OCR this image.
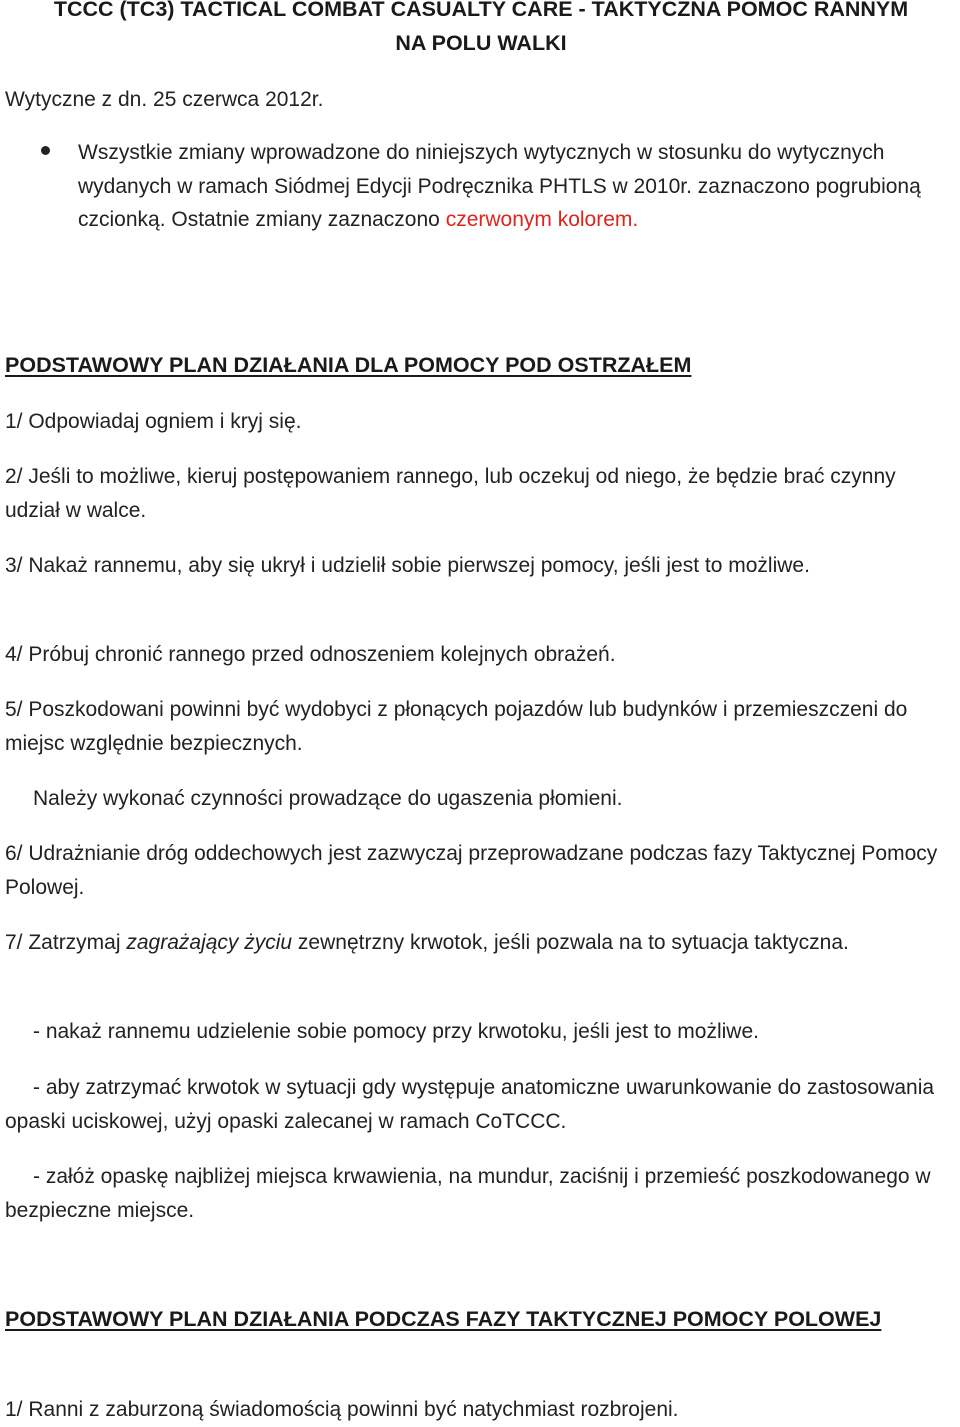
TCCC (TC3) TACTICAL COMBAT CASUALTY CARE - TAKTYCZNA POMOC RANNYM
NA POLU WALKI
Wytyczne z dn. 25 czerwca 2012r.
Wszystkie zmiany wprowadzone do niniejszych wytycznych w stosunku do wytycznych wydanych w ramach Siódmej Edycji Podręcznika PHTLS w 2010r. zaznaczono pogrubioną czcionką. Ostatnie zmiany zaznaczono czerwonym kolorem.
PODSTAWOWY PLAN DZIAŁANIA DLA POMOCY POD OSTRZAŁEM
1/ Odpowiadaj ogniem i kryj się.
2/ Jeśli to możliwe, kieruj postępowaniem rannego, lub oczekuj od niego, że będzie brać czynny udział w walce.
3/ Nakaż rannemu, aby się ukrył i udzielił sobie pierwszej pomocy, jeśli jest to możliwe.
4/ Próbuj chronić rannego przed odnoszeniem kolejnych obrażeń.
5/ Poszkodowani powinni być wydobyci z płonących pojazdów lub budynków i przemieszczeni do miejsc względnie bezpiecznych.
Należy wykonać czynności prowadzące do ugaszenia płomieni.
6/ Udrażnianie dróg oddechowych jest zazwyczaj przeprowadzane podczas fazy Taktycznej Pomocy Polowej.
7/ Zatrzymaj zagrażający życiu zewnętrzny krwotok, jeśli pozwala na to sytuacja taktyczna.
- nakaż rannemu udzielenie sobie pomocy przy krwotoku, jeśli jest to możliwe.
- aby zatrzymać krwotok w sytuacji gdy występuje anatomiczne uwarunkowanie do zastosowania opaski uciskowej, użyj opaski zalecanej w ramach CoTCCC.
- załóż opaskę najbliżej miejsca krwawienia, na mundur, zaciśnij i przemieść poszkodowanego w bezpieczne miejsce.
PODSTAWOWY PLAN DZIAŁANIA PODCZAS FAZY TAKTYCZNEJ POMOCY POLOWEJ
1/ Ranni z zaburzoną świadomością powinni być natychmiast rozbrojeni.
